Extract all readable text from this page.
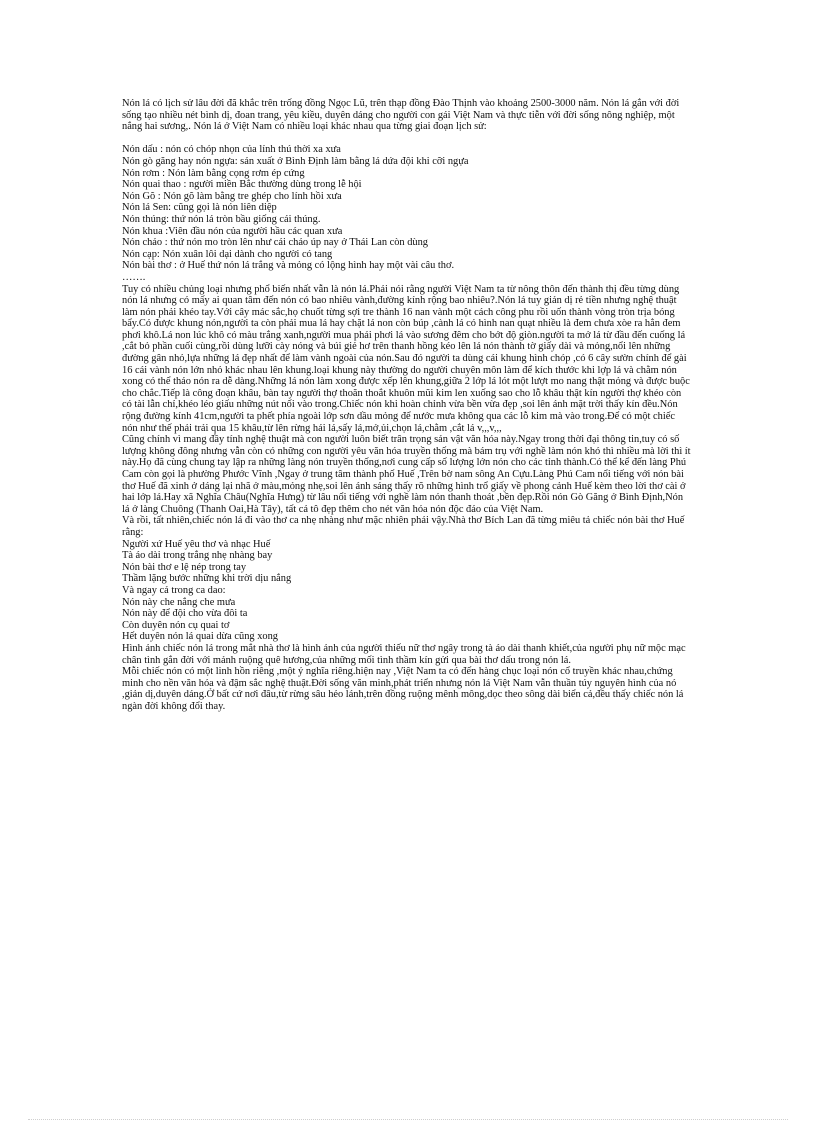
Nón lá có lịch sử lâu đời đã khắc trên trống đồng Ngọc Lũ, trên thạp đồng Đào Thịnh vào khoảng 2500-3000 năm. Nón lá gắn với đời sống tạo nhiều nét bình dị, đoan trang, yêu kiều, duyên dáng cho người con gái Việt Nam và thực tiễn với đời sống nông nghiệp, một nắng hai sương,. Nón lá ở Việt Nam có nhiều loại khác nhau qua từng giai đoạn lịch sử:

Nón dấu : nón có chóp nhọn của lính thú thời xa xưa

Nón gò găng hay nón ngựa: sản xuất ở Bình Định làm bằng lá dứa đội khi cỡi ngựa

Nón rơm : Nón làm bằng cọng rơm ép cứng

Nón quai thao : người miền Bắc thường dùng trong lễ hội

Nón Gõ : Nón gõ làm bằng tre ghép cho lính hồi xưa

Nón lá Sen: cũng gọi là nón liên diệp

Nón thúng: thứ nón lá tròn bầu giống cái thúng.

Nón khua :Viên đầu nón của người hầu các quan xưa

Nón chảo : thứ nón mo tròn lên như cái chảo úp nay ở Thái Lan còn dùng

Nón cạp: Nón xuân lôi dại dành cho người có tang

Nón bài thơ : ở Huế thứ nón lá trắng và mỏng có lộng hình hay một vài câu thơ.

…….

Tuy có nhiều chủng loại nhưng phổ biến nhất vẫn là nón lá.Phải nói rằng người Việt Nam ta từ nông thôn đến thành thị đều từng dùng nón lá nhưng có mấy ai quan tâm đến nón có bao nhiêu vành,đường kính rộng bao nhiêu?.Nón lá tuy giản dị rẻ tiền nhưng nghệ thuật làm nón phải khéo tay.Với cây mác sắc,họ chuốt từng sợi tre thành 16 nan vành một cách công phu rồi uốn thành vòng tròn trịa bóng bẩy.Có được khung nón,người ta còn phải mua lá hay chặt lá non còn búp ,cành lá có hình nan quạt nhiều là đem chưa xòe ra hẳn đem phơi khô.Lá non lúc khô có màu trắng xanh,người mua phải phơi lá vào sương đêm cho bớt độ giòn.người ta mở lá từ đầu đến cuống lá ,cắt bỏ phần cuối cùng,rồi dùng lưỡi cày nóng và búi giẻ hơ trên thanh hồng kéo lên lá nón thành tờ giấy dài và mỏng,nổi lên những đường gân nhỏ,lựa những lá đẹp nhất để làm vành ngoài của nón.Sau đó người ta dùng cái khung hình chóp ,có 6 cây sườn chính để gài 16 cái vành nón lớn nhỏ khác nhau lên khung.loại khung này thường do người chuyên môn làm để kích thước khi lợp lá và chằm nón xong có thể tháo nón ra dễ dàng.Những lá nón làm xong được xếp lên khung,giữa 2 lớp lá lót một lượt mo nang thật mỏng và được buộc cho chắc.Tiếp là công đoạn khâu, bàn tay người thợ thoăn thoắt khuôn mũi kim len xuống sao cho lỗ khâu thật kín người thợ khéo còn có tài lẫn chỉ,khéo léo giấu những nút nối vào trong.Chiếc nón khi hoàn chỉnh vừa bền vừa đẹp ,soi lên ánh mặt trời thấy kín đều.Nón rộng đường kính 41cm,người ta phết phía ngoài lớp sơn dầu mỏng để nước mưa không qua các lỗ kim mà vào trong.Để có một chiếc nón như thế phải trải qua 15 khâu,từ lên rừng hái lá,sấy lá,mở,ủi,chọn lá,chằm ,cắt lá v,,,v,,,

Cũng chính vì mang đầy tính nghệ thuật mà con người luôn biết trân trọng sản vật văn hóa này.Ngay trong thời đại thông tin,tuy có số lượng không đông nhưng vẫn còn có những con người yêu văn hóa truyền thống mà bám trụ với nghề làm nón khó thì nhiều mà lời thì ít này.Họ đã cùng chung tay lập ra những làng nón truyền thống,nơi cung cấp số lượng lớn nón cho các tỉnh thành.Có thể kể đến làng Phú Cam còn gọi là phường Phước Vĩnh ,Ngay ở trung tâm thành phố Huế ,Trên bờ nam sông An Cựu.Làng Phú Cam nổi tiếng với nón bài thơ Huế đã xinh ở dáng lại nhã ở màu,mỏng nhẹ,soi lên ánh sáng thấy rõ những hình trổ giấy về phong cảnh Huế kèm theo lời thơ cài ở hai lớp lá.Hay xã Nghĩa Châu(Nghĩa Hưng) từ lâu nổi tiếng với nghề làm nón thanh thoát ,bền đẹp.Rồi nón Gò Găng ở Bình Định,Nón lá ở làng Chuông (Thanh Oai,Hà Tây), tất cả tô đẹp thêm cho nét văn hóa nón độc đáo của Việt Nam.

Và rồi, tất nhiên,chiếc nón lá đi vào thơ ca nhẹ nhàng như mặc nhiên phải vậy.Nhà thơ Bích Lan đã từng miêu tả chiếc nón bài thơ Huế rằng:

Người xứ Huế yêu thơ và nhạc Huế

Tà áo dài trong trắng nhẹ nhàng bay

Nón bài thơ e lệ nép trong tay

Thầm lặng bước những khi trời dịu nắng

Và ngay cả trong ca dao:

Nón này che nắng che mưa

Nón này để đội cho vừa đôi ta

Còn duyên nón cụ quai tơ

Hết duyên nón lá quai dừa cũng xong

Hình ảnh chiếc nón lá trong mắt nhà thơ là hình ảnh của người thiếu nữ thơ ngây trong tà áo dài thanh khiết,của người phụ nữ mộc mạc chân tình gắn đời với mảnh ruộng quê hương,của những mối tình thầm kín gửi qua bài thơ dấu trong nón lá.

Mỗi chiếc nón có một linh hồn riêng ,một ý nghĩa riêng.hiện nay ,Việt Nam ta có đến hàng chục loại nón cổ truyền khác nhau,chứng minh cho nền văn hóa và đậm sắc nghệ thuật.Đời sống văn minh,phát triển nhưng nón lá Việt Nam vẫn thuần túy nguyên hình của nó ,giản dị,duyên dáng.Ở bất cứ nơi đâu,từ rừng sâu hẻo lánh,trên đồng ruộng mênh mông,dọc theo sông dài biển cả,đều thấy chiếc nón lá ngàn đời không đổi thay.
